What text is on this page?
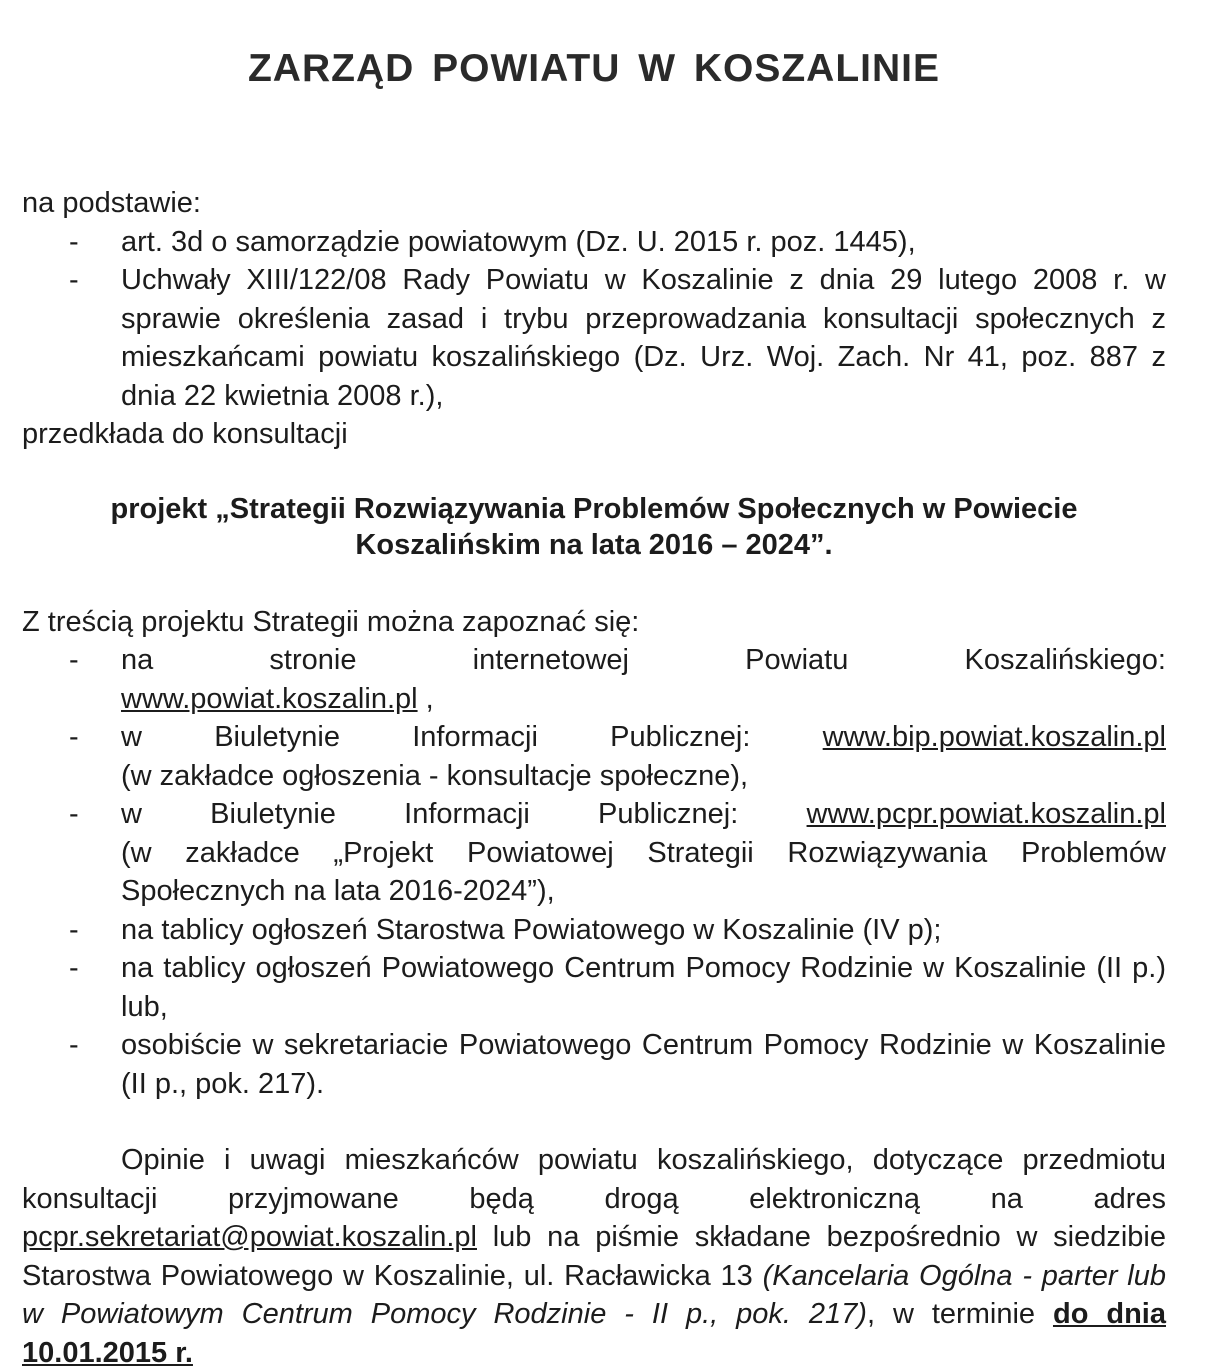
ZARZĄD POWIATU W KOSZALINIE
na podstawie:
- art. 3d o samorządzie powiatowym (Dz. U. 2015 r. poz. 1445),
- Uchwały XIII/122/08 Rady Powiatu w Koszalinie z dnia 29 lutego 2008 r. w sprawie określenia zasad i trybu przeprowadzania konsultacji społecznych z mieszkańcami powiatu koszalińskiego (Dz. Urz. Woj. Zach. Nr 41, poz. 887 z dnia 22 kwietnia 2008 r.),
przedkłada do konsultacji
projekt „Strategii Rozwiązywania Problemów Społecznych w Powiecie
Koszalińskim na lata 2016 – 2024”.
Z treścią projektu Strategii można zapoznać się:
- na stronie internetowej Powiatu Koszalińskiego:
www.powiat.koszalin.pl ,
- w Biuletynie Informacji Publicznej: www.bip.powiat.koszalin.pl
(w zakładce ogłoszenia - konsultacje społeczne),
- w Biuletynie Informacji Publicznej: www.pcpr.powiat.koszalin.pl
(w zakładce „Projekt Powiatowej Strategii Rozwiązywania Problemów Społecznych na lata 2016-2024”),
- na tablicy ogłoszeń Starostwa Powiatowego w Koszalinie (IV p);
- na tablicy ogłoszeń Powiatowego Centrum Pomocy Rodzinie w Koszalinie (II p.) lub,
- osobiście w sekretariacie Powiatowego Centrum Pomocy Rodzinie w Koszalinie (II p., pok. 217).
Opinie i uwagi mieszkańców powiatu koszalińskiego, dotyczące przedmiotu konsultacji przyjmowane będą drogą elektroniczną na adres pcpr.sekretariat@powiat.koszalin.pl lub na piśmie składane bezpośrednio w siedzibie Starostwa Powiatowego w Koszalinie, ul. Racławicka 13 (Kancelaria Ogólna - parter lub w Powiatowym Centrum Pomocy Rodzinie - II p., pok. 217), w terminie do dnia 10.01.2015 r.
